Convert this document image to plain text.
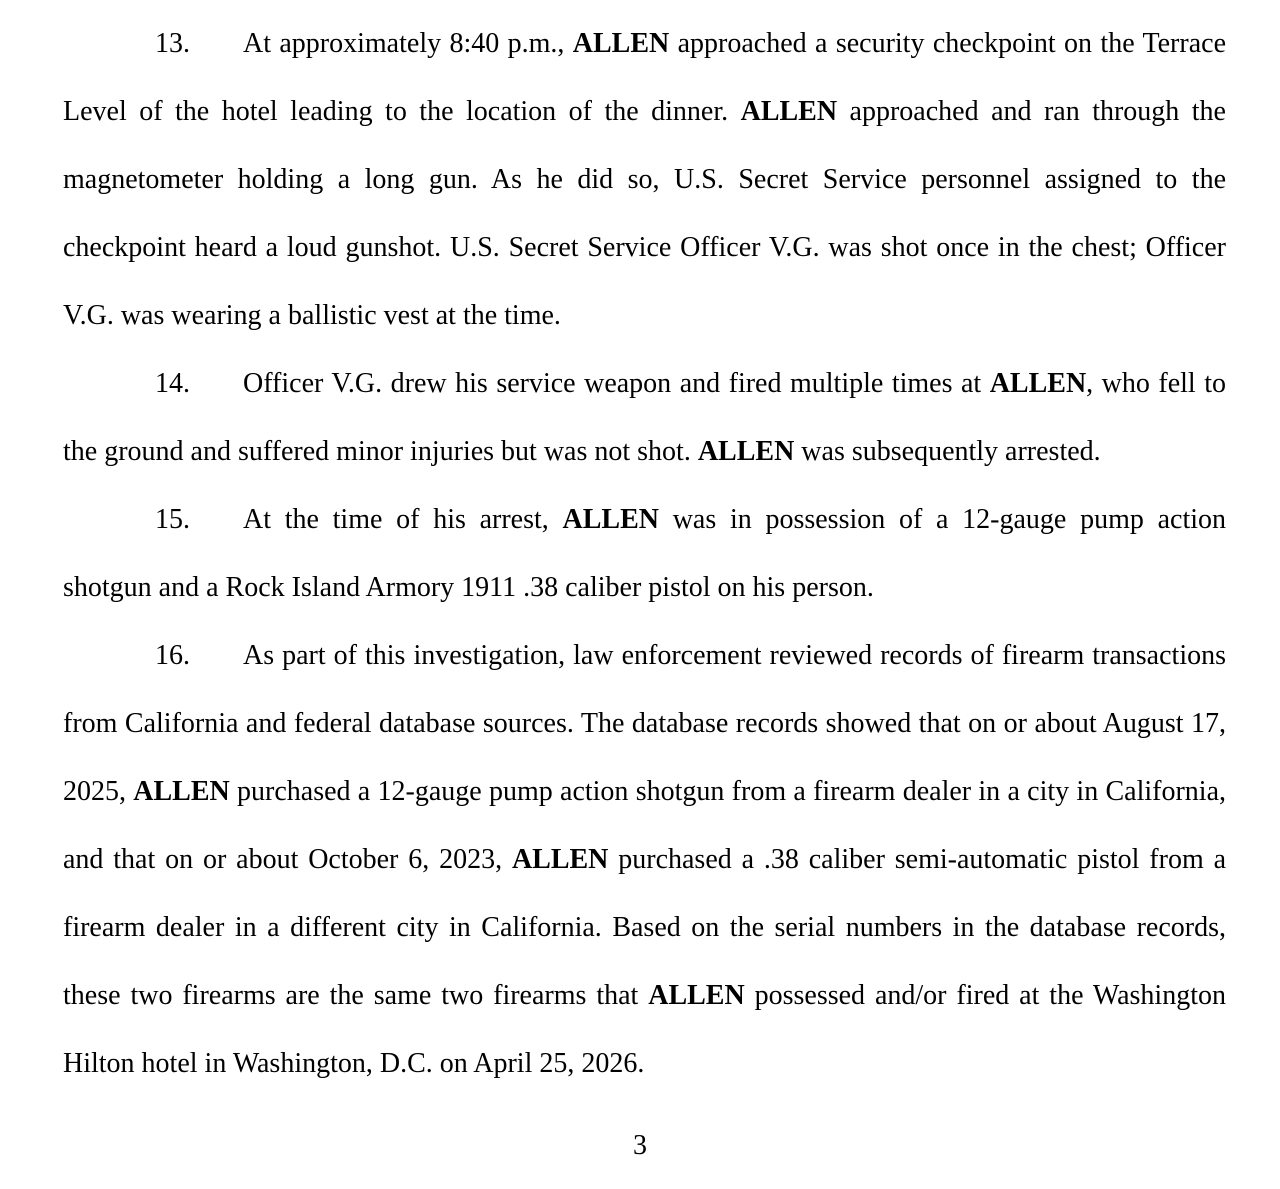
13. At approximately 8:40 p.m., ALLEN approached a security checkpoint on the Terrace Level of the hotel leading to the location of the dinner. ALLEN approached and ran through the magnetometer holding a long gun. As he did so, U.S. Secret Service personnel assigned to the checkpoint heard a loud gunshot. U.S. Secret Service Officer V.G. was shot once in the chest; Officer V.G. was wearing a ballistic vest at the time.

14. Officer V.G. drew his service weapon and fired multiple times at ALLEN, who fell to the ground and suffered minor injuries but was not shot. ALLEN was subsequently arrested.

15. At the time of his arrest, ALLEN was in possession of a 12-gauge pump action shotgun and a Rock Island Armory 1911 .38 caliber pistol on his person.

16. As part of this investigation, law enforcement reviewed records of firearm transactions from California and federal database sources. The database records showed that on or about August 17, 2025, ALLEN purchased a 12-gauge pump action shotgun from a firearm dealer in a city in California, and that on or about October 6, 2023, ALLEN purchased a .38 caliber semi-automatic pistol from a firearm dealer in a different city in California. Based on the serial numbers in the database records, these two firearms are the same two firearms that ALLEN possessed and/or fired at the Washington Hilton hotel in Washington, D.C. on April 25, 2026.

3
